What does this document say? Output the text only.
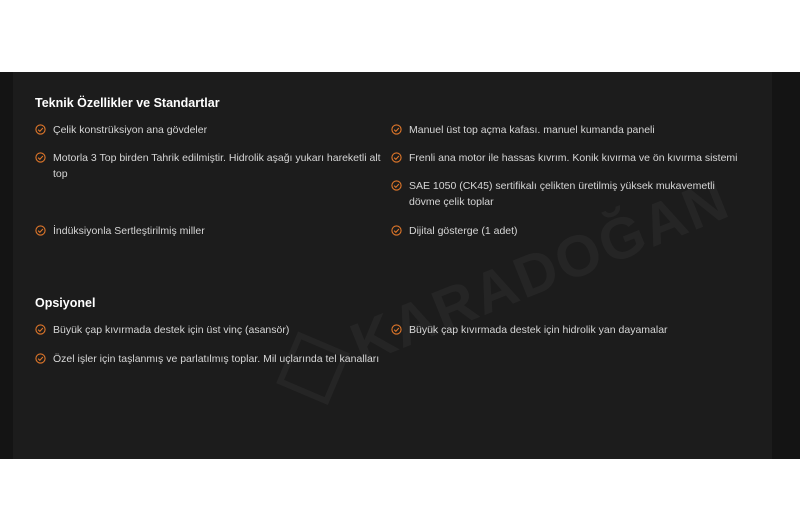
Teknik Özellikler ve Standartlar
Çelik konstrüksiyon ana gövdeler	Manuel üst top açma kafası. manuel kumanda paneli
Motorla 3 Top birden Tahrik edilmiştir. Hidrolik aşağı yukarı hareketli alt top
Frenli ana motor ile hassas kıvrım. Konik kıvırma ve ön kıvırma sistemi
SAE 1050 (CK45) sertifikalı çelikten üretilmiş yüksek mukavemetli dövme çelik toplar
İndüksiyonla Sertleştirilmiş miller	Dijital gösterge (1 adet)
Opsiyonel
Büyük çap kıvırmada destek için üst vinç (asansör)	Büyük çap kıvırmada destek için hidrolik yan dayamalar
Özel işler için taşlanmış ve parlatılmış toplar. Mil uçlarında tel kanalları
